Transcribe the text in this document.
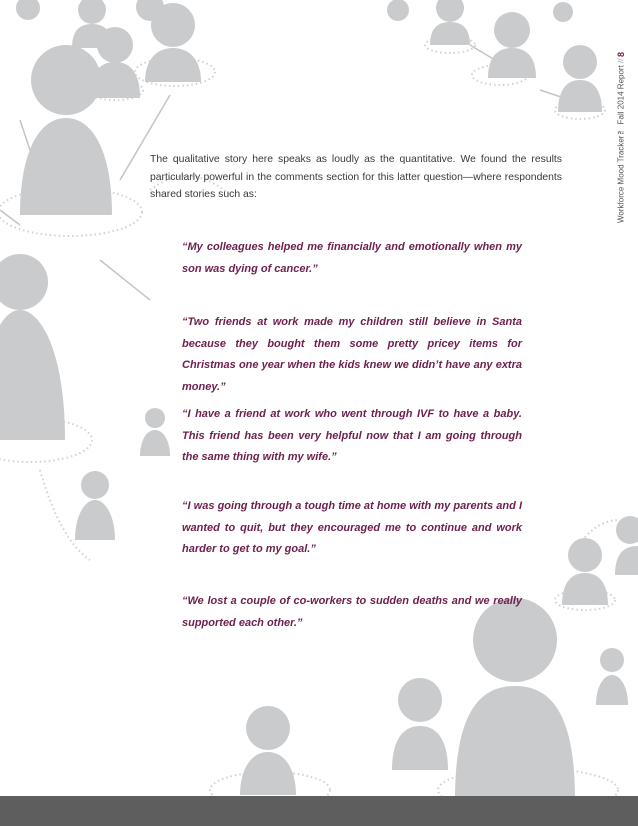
Workforce Mood Tracker™ Fall 2014 Report
//
8

The qualitative story here speaks as loudly as the quantitative. We found the results particularly powerful in the comments section for this latter question—where respondents shared stories such as:

“My colleagues helped me financially and emotionally when my son was dying of cancer.”

“Two friends at work made my children still believe in Santa because they bought them some pretty pricey items for Christmas one year when the kids knew we didn’t have any extra money.”

“I have a friend at work who went through IVF to have a baby. This friend has been very helpful now that I am going through the same thing with my wife.”

“I was going through a tough time at home with my parents and I wanted to quit, but they encouraged me to continue and work harder to get to my goal.”

“We lost a couple of co-workers to sudden deaths and we really supported each other.”
